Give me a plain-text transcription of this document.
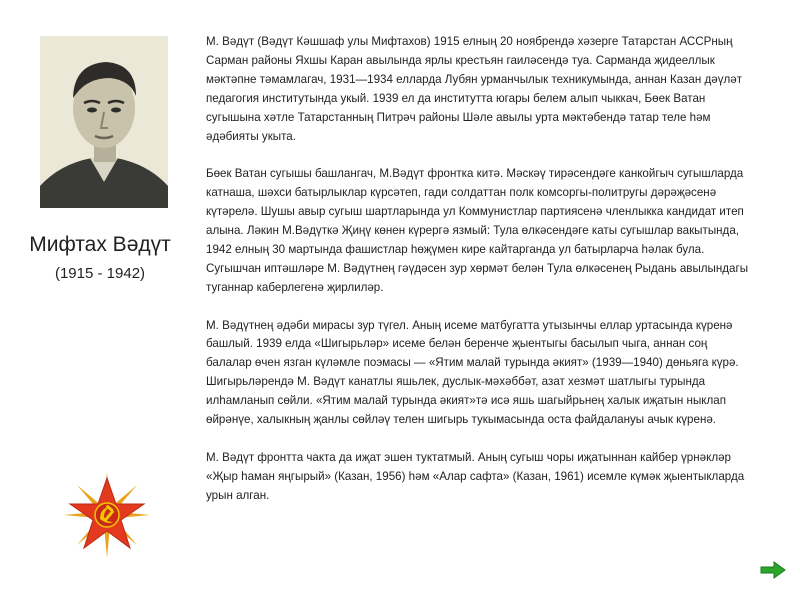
Мифтах Вәдүт
(1915 - 1942)

М. Вәдүт (Вәдүт Кәшшаф улы Мифтахов) 1915 елның 20 ноябрендә хәзерге Татарстан АССРның Сарман районы Яхшы Каран авылында ярлы крестьян гаиләсендә туа. Сарманда җидееллык мәктәпне тәмамлагач, 1931—1934 елларда Лубян урманчылык техникумында, аннан Казан дәүләт педагогия институтында укый. 1939 ел да институтта югары белем алып чыккач, Бөек Ватан сугышына хәтле Татарстанның Питрәч районы Шәле авылы урта мәктәбендә татар теле һәм әдәбияты укыта.

Бөек Ватан сугышы башлангач, М.Вәдүт фронтка китә. Мәскәү тирәсендәге канкойгыч сугышларда катнаша, шәхси батырлыклар күрсәтеп, гади солдаттан полк комсоргы-политругы дәрәҗәсенә күтәрелә. Шушы авыр сугыш шартларында ул Коммунистлар партиясенә членлыкка кандидат итеп алына. Ләкин М.Вәдүткә Җиңү көнен күрергә язмый: Тула өлкәсендәге каты сугышлар вакытында, 1942 елның 30 мартында фашистлар һөҗүмен кире кайтарганда ул батырларча һәлак була. Сугышчан иптәшләре М. Вәдүтнең гәүдәсен зур хөрмәт белән Тула өлкәсенең Рыдань авылындагы туганнар каберлегенә җирлиләр.

М. Вәдүтнең әдәби мирасы зур түгел. Аның исеме матбугатта утызынчы еллар уртасында күренә башлый. 1939 елда «Шигырьләр» исеме белән беренче җыентыгы басылып чыга, аннан соң балалар өчен язган күләмле поэмасы — «Ятим малай турында әкият» (1939—1940) дөньяга күрә. Шигырьләрендә М. Вәдүт канатлы яшьлек, дуслык-мәхәббәт, азат хезмәт шатлыгы турында илһамланып сөйли. «Ятим малай турында әкият»тә исә яшь шагыйрьнең халык иҗатын ныклап өйрәнүе, халыкның җанлы сөйләү телен шигырь тукымасында оста файдалануы ачык күренә.

М. Вәдүт фронтта чакта да иҗат эшен туктатмый. Аның сугыш чоры иҗатыннан кайбер үрнәкләр «Җыр һаман яңгырый» (Казан, 1956) һәм «Алар сафта» (Казан, 1961) исемле күмәк җыентыкларда урын алган.
